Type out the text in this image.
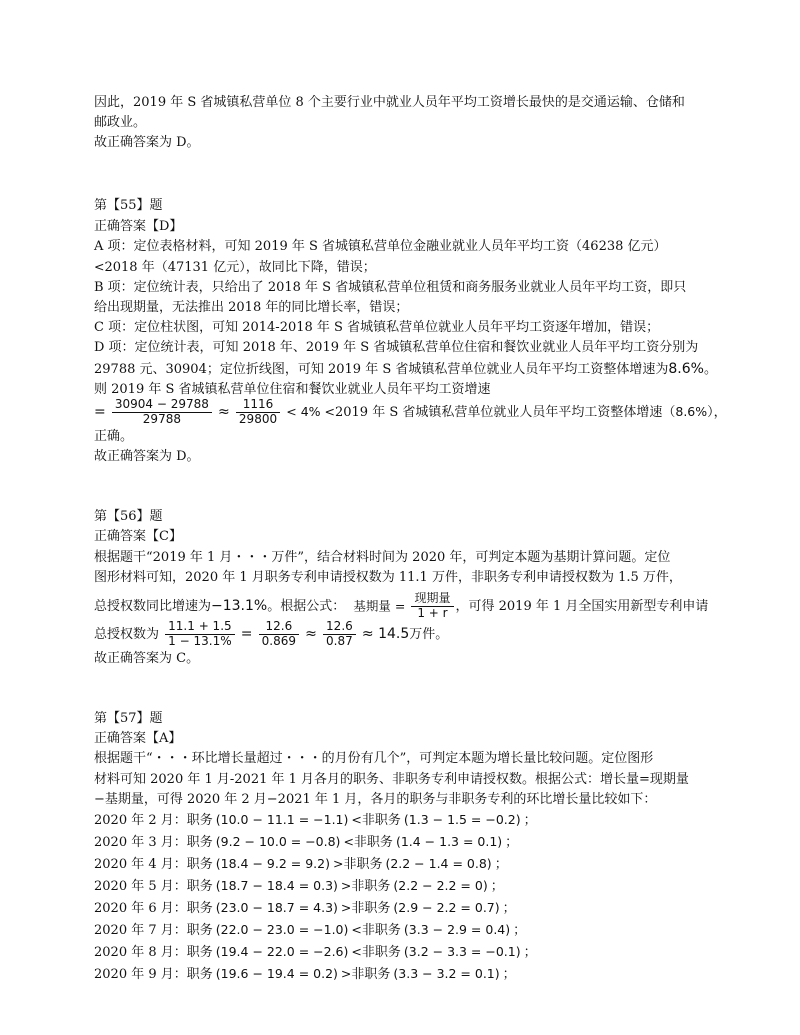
因此，2019 年 S 省城镇私营单位 8 个主要行业中就业人员年平均工资增长最快的是交通运输、仓储和
邮政业。
故正确答案为 D。
第【55】题
正确答案【D】
A 项：定位表格材料，可知 2019 年 S 省城镇私营单位金融业就业人员年平均工资（46238 亿元）
<2018 年（47131 亿元），故同比下降，错误；
B 项：定位统计表，只给出了 2018 年 S 省城镇私营单位租赁和商务服务业就业人员年平均工资，即只
给出现期量，无法推出 2018 年的同比增长率，错误；
C 项：定位柱状图，可知 2014-2018 年 S 省城镇私营单位就业人员年平均工资逐年增加，错误；
D 项：定位统计表，可知 2018 年、2019 年 S 省城镇私营单位住宿和餐饮业就业人员年平均工资分别为
29788 元、30904；定位折线图，可知 2019 年 S 省城镇私营单位就业人员年平均工资整体增速为8.6%。
则 2019 年 S 省城镇私营单位住宿和餐饮业就业人员年平均工资增速
= $\frac{30904 - 29788}{29788} \approx \frac{1116}{29800} < 4\% <2019$ 年 S 省城镇私营单位就业人员年平均工资整体增速（8.6%），
正确。
故正确答案为 D。
第【56】题
正确答案【C】
根据题干“2019 年 1 月・・・万件”，结合材料时间为 2020 年，可判定本题为基期计算问题。定位
图形材料可知，2020 年 1 月职务专利申请授权数为 11.1 万件，非职务专利申请授权数为 1.5 万件，
总授权数同比增速为−13.1%。根据公式： 基期量 = $\frac{\text{现期量}}{1 + r}$ ，可得 2019 年 1 月全国实用新型专利申请
总授权数为 $\frac{11.1 + 1.5}{1 - 13.1\%} = \frac{12.6}{0.869} \approx \frac{12.6}{0.87} \approx 14.5$万件。
故正确答案为 C。
第【57】题
正确答案【A】
根据题干“・・・环比增长量超过・・・的月份有几个”，可判定本题为增长量比较问题。定位图形
材料可知 2020 年 1 月-2021 年 1 月各月的职务、非职务专利申请授权数。根据公式：增长量=现期量
−基期量，可得 2020 年 2 月−2021 年 1 月，各月的职务与非职务专利的环比增长量比较如下：
2020 年 2 月：职务 (10.0 − 11.1 = −1.1) <非职务 (1.3 − 1.5 = −0.2) ；
2020 年 3 月：职务 (9.2 − 10.0 = −0.8) <非职务 (1.4 − 1.3 = 0.1) ；
2020 年 4 月：职务 (18.4 − 9.2 = 9.2) >非职务 (2.2 − 1.4 = 0.8) ；
2020 年 5 月：职务 (18.7 − 18.4 = 0.3) >非职务 (2.2 − 2.2 = 0) ；
2020 年 6 月：职务 (23.0 − 18.7 = 4.3) >非职务 (2.9 − 2.2 = 0.7) ；
2020 年 7 月：职务 (22.0 − 23.0 = −1.0) <非职务 (3.3 − 2.9 = 0.4) ；
2020 年 8 月：职务 (19.4 − 22.0 = −2.6) <非职务 (3.2 − 3.3 = −0.1) ；
2020 年 9 月：职务 (19.6 − 19.4 = 0.2) >非职务 (3.3 − 3.2 = 0.1) ；
